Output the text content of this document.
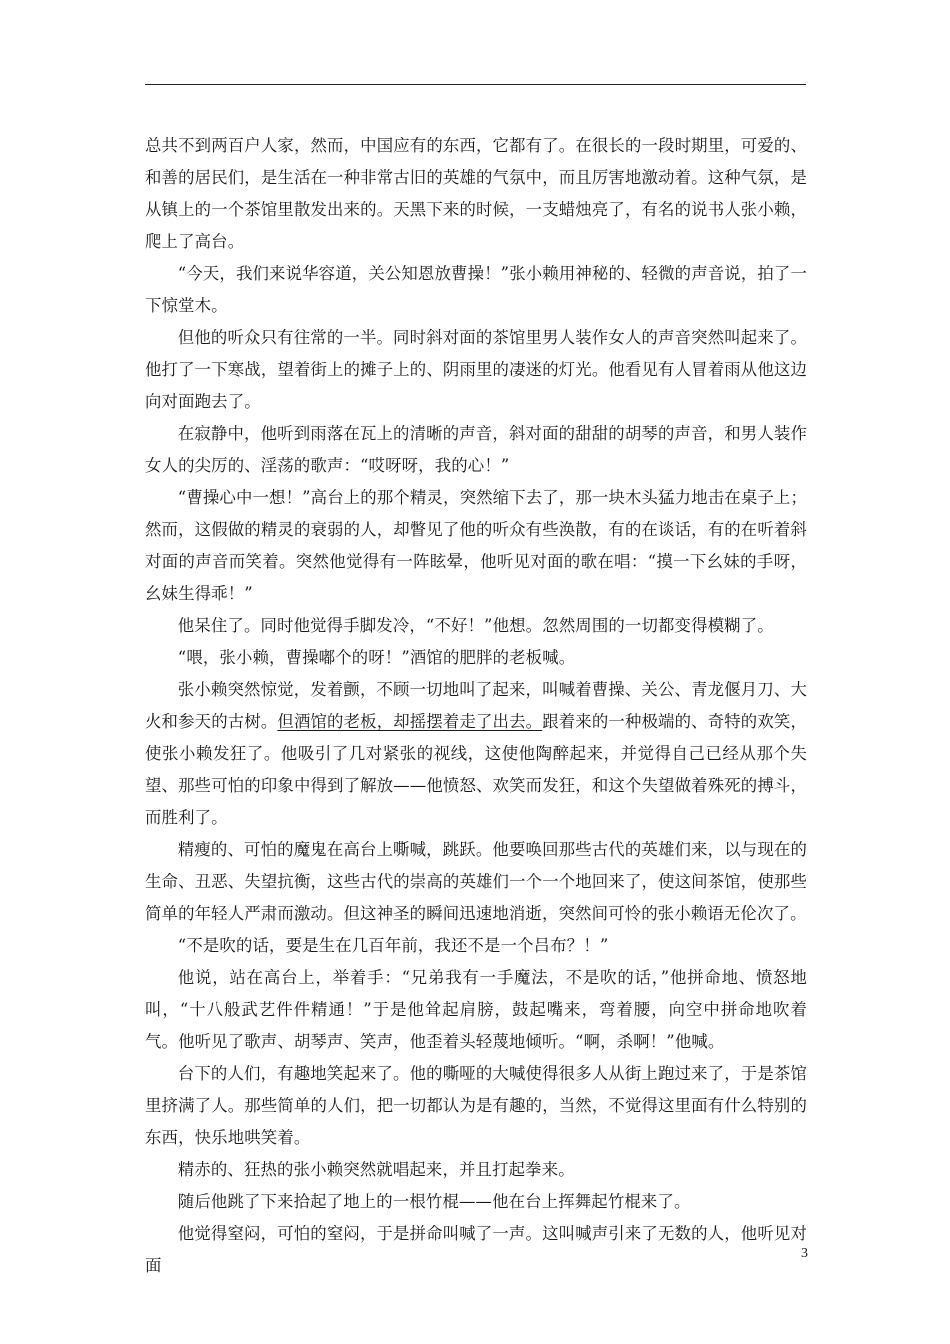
总共不到两百户人家，然而，中国应有的东西，它都有了。在很长的一段时期里，可爱的、和善的居民们，是生活在一种非常古旧的英雄的气氛中，而且厉害地激动着。这种气氛，是从镇上的一个茶馆里散发出来的。天黑下来的时候，一支蜡烛亮了，有名的说书人张小赖，爬上了高台。

“今天，我们来说华容道，关公知恩放曹操！”张小赖用神秘的、轻微的声音说，拍了一下惊堂木。

但他的听众只有往常的一半。同时斜对面的茶馆里男人装作女人的声音突然叫起来了。他打了一下寒战，望着街上的摊子上的、阴雨里的凄迷的灯光。他看见有人冒着雨从他这边向对面跑去了。

在寂静中，他听到雨落在瓦上的清晰的声音，斜对面的甜甜的胡琴的声音，和男人装作女人的尖厉的、淫荡的歌声：“哎呀呀，我的心！”

“曹操心中一想！”高台上的那个精灵，突然缩下去了，那一块木头猛力地击在桌子上；然而，这假做的精灵的衰弱的人，却瞥见了他的听众有些涣散，有的在谈话，有的在听着斜对面的声音而笑着。突然他觉得有一阵眩晕，他听见对面的歌在唱：“摸一下幺妹的手呀，幺妹生得乖！”

他呆住了。同时他觉得手脚发冷，“不好！”他想。忽然周围的一切都变得模糊了。

“喂，张小赖，曹操嘟个的呀！”酒馆的肥胖的老板喊。

张小赖突然惊觉，发着颤，不顾一切地叫了起来，叫喊着曹操、关公、青龙偃月刀、大火和参天的古树。但酒馆的老板，却摇摆着走了出去。跟着来的一种极端的、奇特的欢笑，使张小赖发狂了。他吸引了几对紧张的视线，这使他陶醉起来，并觉得自己已经从那个失望、那些可怕的印象中得到了解放——他愤怒、欢笑而发狂，和这个失望做着殊死的搏斗，而胜利了。

精瘦的、可怕的魔鬼在高台上嘶喊，跳跃。他要唤回那些古代的英雄们来，以与现在的生命、丑恶、失望抗衡，这些古代的崇高的英雄们一个一个地回来了，使这间茶馆，使那些简单的年轻人严肃而激动。但这神圣的瞬间迅速地消逝，突然间可怜的张小赖语无伦次了。

“不是吹的话，要是生在几百年前，我还不是一个吕布？！”

他说，站在高台上，举着手：“兄弟我有一手魔法，不是吹的话，”他拼命地、愤怒地叫，“十八般武艺件件精通！”于是他耸起肩膀，鼓起嘴来，弯着腰，向空中拼命地吹着气。他听见了歌声、胡琴声、笑声，他歪着头轻蔑地倾听。“啊，杀啊！”他喊。

台下的人们，有趣地笑起来了。他的嘶哑的大喊使得很多人从街上跑过来了，于是茶馆里挤满了人。那些简单的人们，把一切都认为是有趣的，当然，不觉得这里面有什么特别的东西，快乐地哄笑着。

精赤的、狂热的张小赖突然就唱起来，并且打起拳来。

随后他跳了下来拾起了地上的一根竹棍——他在台上挥舞起竹棍来了。

他觉得窒闷，可怕的窒闷，于是拼命叫喊了一声。这叫喊声引来了无数的人，他听见对面

3
